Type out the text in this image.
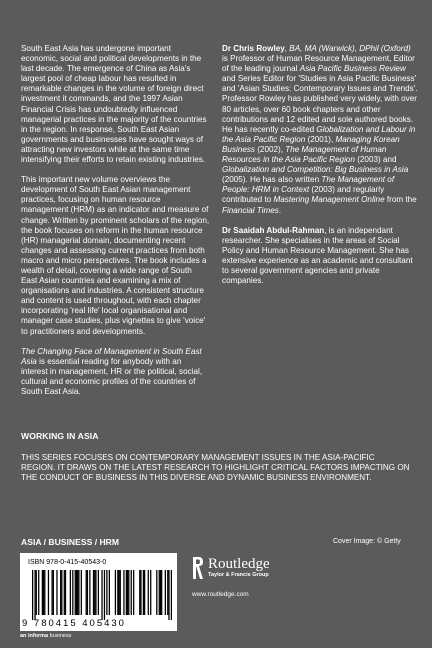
South East Asia has undergone important economic, social and political developments in the last decade. The emergence of China as Asia's largest pool of cheap labour has resulted in remarkable changes in the volume of foreign direct investment it commands, and the 1997 Asian Financial Crisis has undoubtedly influenced managerial practices in the majority of the countries in the region. In response, South East Asian governments and businesses have sought ways of attracting new investors while at the same time intensifying their efforts to retain existing industries.

This important new volume overviews the development of South East Asian management practices, focusing on human resource management (HRM) as an indicator and measure of change. Written by prominent scholars of the region, the book focuses on reform in the human resource (HR) managerial domain, documenting recent changes and assessing current practices from both macro and micro perspectives. The book includes a wealth of detail, covering a wide range of South East Asian countries and examining a mix of organisations and industries. A consistent structure and content is used throughout, with each chapter incorporating 'real life' local organisational and manager case studies, plus vignettes to give 'voice' to practitioners and developments.

The Changing Face of Management in South East Asia is essential reading for anybody with an interest in management, HR or the political, social, cultural and economic profiles of the countries of South East Asia.

Dr Chris Rowley, BA, MA (Warwick), DPhil (Oxford) is Professor of Human Resource Management, Editor of the leading journal Asia Pacific Business Review and Series Editor for 'Studies in Asia Pacific Business' and 'Asian Studies: Contemporary Issues and Trends'. Professor Rowley has published very widely, with over 80 articles, over 60 book chapters and other contributions and 12 edited and sole authored books. He has recently co-edited Globalization and Labour in the Asia Pacific Region (2001), Managing Korean Business (2002), The Management of Human Resources in the Asia Pacific Region (2003) and Globalization and Competition: Big Business in Asia (2005). He has also written The Management of People: HRM in Context (2003) and regularly contributed to Mastering Management Online from the Financial Times.

Dr Saaidah Abdul-Rahman, is an independant researcher. She specialises in the areas of Social Policy and Human Resource Management. She has extensive experience as an academic and consultant to several government agencies and private companies.

WORKING IN ASIA
THIS SERIES FOCUSES ON CONTEMPORARY MANAGEMENT ISSUES IN THE ASIA-PACIFIC REGION. IT DRAWS ON THE LATEST RESEARCH TO HIGHLIGHT CRITICAL FACTORS IMPACTING ON THE CONDUCT OF BUSINESS IN THIS DIVERSE AND DYNAMIC BUSINESS ENVIRONMENT.
ASIA / BUSINESS / HRM	Cover Image: © Getty
ISBN 978-0-415-40543-0
9 780415 405430
an informa business
Routledge
Taylor & Francis Group
www.routledge.com
